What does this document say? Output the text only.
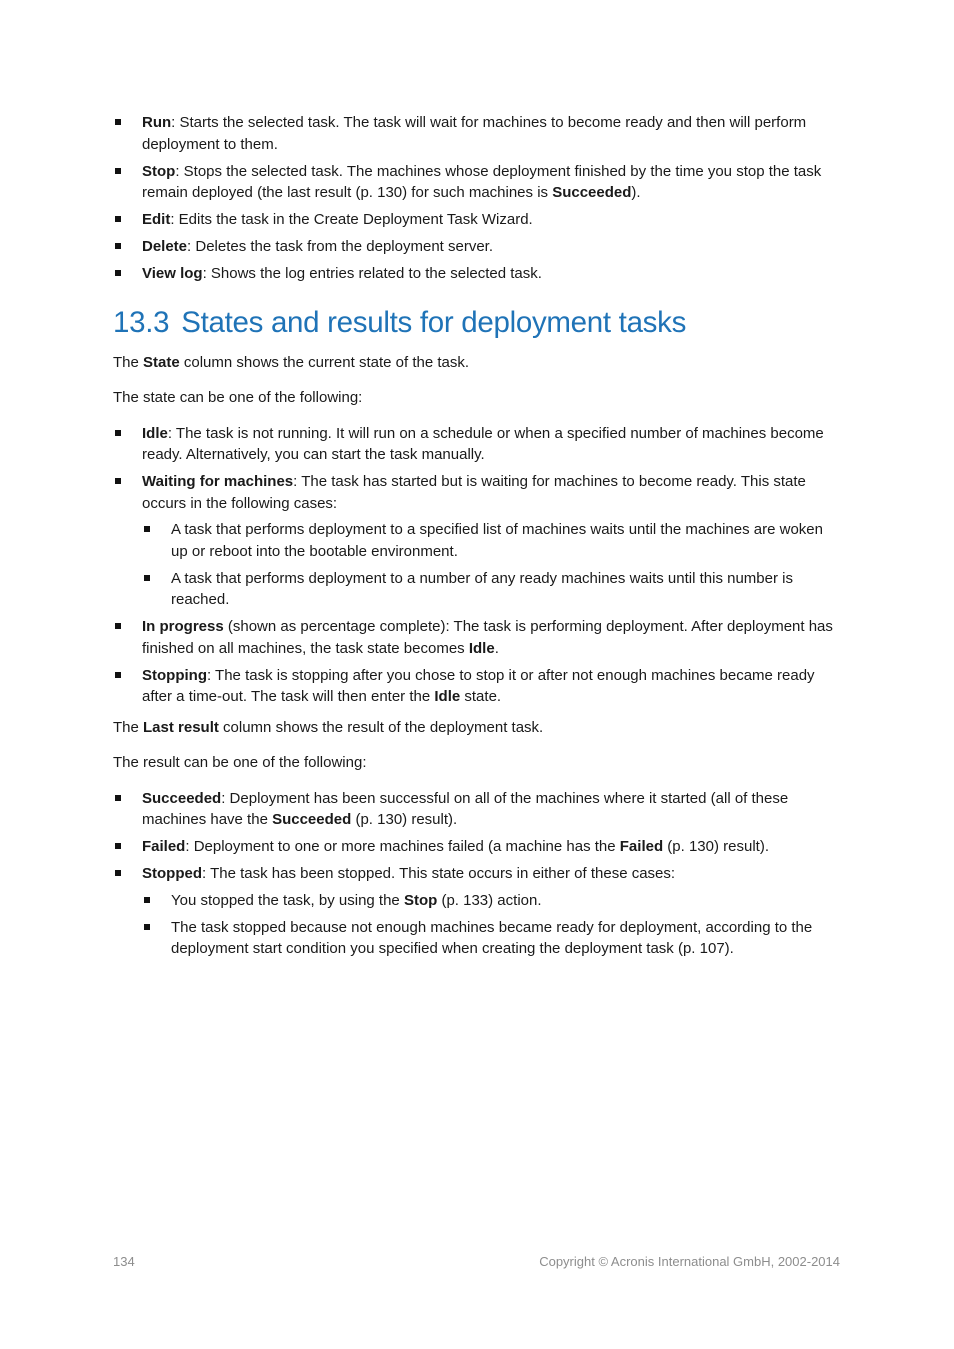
Run: Starts the selected task. The task will wait for machines to become ready and then will perform deployment to them.
Stop: Stops the selected task. The machines whose deployment finished by the time you stop the task remain deployed (the last result (p. 130) for such machines is Succeeded).
Edit: Edits the task in the Create Deployment Task Wizard.
Delete: Deletes the task from the deployment server.
View log: Shows the log entries related to the selected task.
13.3 States and results for deployment tasks

The State column shows the current state of the task.

The state can be one of the following:

Idle: The task is not running. It will run on a schedule or when a specified number of machines become ready. Alternatively, you can start the task manually.
Waiting for machines: The task has started but is waiting for machines to become ready. This state occurs in the following cases:
A task that performs deployment to a specified list of machines waits until the machines are woken up or reboot into the bootable environment.
A task that performs deployment to a number of any ready machines waits until this number is reached.
In progress (shown as percentage complete): The task is performing deployment. After deployment has finished on all machines, the task state becomes Idle.
Stopping: The task is stopping after you chose to stop it or after not enough machines became ready after a time-out. The task will then enter the Idle state.

The Last result column shows the result of the deployment task.

The result can be one of the following:

Succeeded: Deployment has been successful on all of the machines where it started (all of these machines have the Succeeded (p. 130) result).
Failed: Deployment to one or more machines failed (a machine has the Failed (p. 130) result).
Stopped: The task has been stopped. This state occurs in either of these cases:
You stopped the task, by using the Stop (p. 133) action.
The task stopped because not enough machines became ready for deployment, according to the deployment start condition you specified when creating the deployment task (p. 107).
134	Copyright © Acronis International GmbH, 2002-2014
